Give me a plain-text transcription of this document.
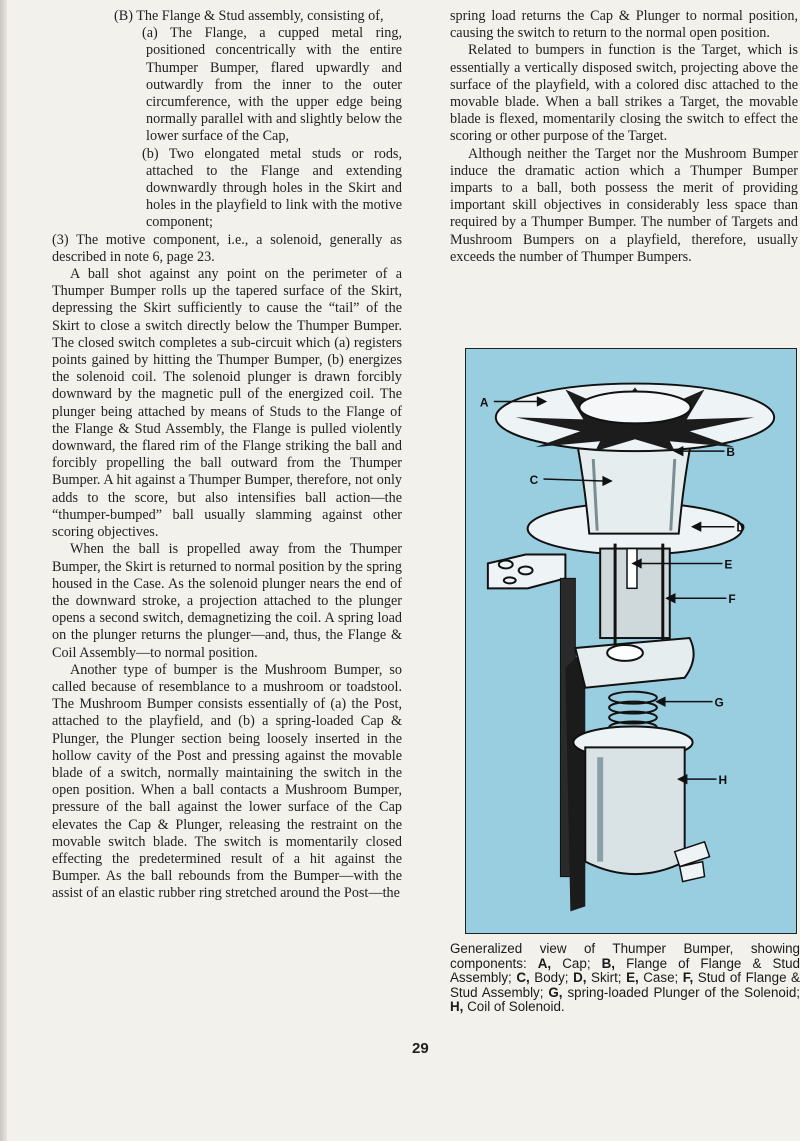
(B) The Flange & Stud assembly, consisting of,

(a) The Flange, a cupped metal ring, positioned concentrically with the entire Thumper Bumper, flared upwardly and outwardly from the inner to the outer circumference, with the upper edge being normally parallel with and slightly below the lower surface of the Cap,

(b) Two elongated metal studs or rods, attached to the Flange and extending downwardly through holes in the Skirt and holes in the playfield to link with the motive component;

(3) The motive component, i.e., a solenoid, generally as described in note 6, page 23.

A ball shot against any point on the perimeter of a Thumper Bumper rolls up the tapered surface of the Skirt, depressing the Skirt sufficiently to cause the “tail” of the Skirt to close a switch directly below the Thumper Bumper. The closed switch completes a sub-circuit which (a) registers points gained by hitting the Thumper Bumper, (b) energizes the solenoid coil. The solenoid plunger is drawn forcibly downward by the magnetic pull of the energized coil. The plunger being attached by means of Studs to the Flange of the Flange & Stud Assembly, the Flange is pulled violently downward, the flared rim of the Flange striking the ball and forcibly propelling the ball outward from the Thumper Bumper. A hit against a Thumper Bumper, therefore, not only adds to the score, but also intensifies ball action—the “thumper-bumped” ball usually slamming against other scoring objectives.

When the ball is propelled away from the Thumper Bumper, the Skirt is returned to normal position by the spring housed in the Case. As the solenoid plunger nears the end of the downward stroke, a projection attached to the plunger opens a second switch, demagnetizing the coil. A spring load on the plunger returns the plunger—and, thus, the Flange & Coil Assembly—to normal position.

Another type of bumper is the Mushroom Bumper, so called because of resemblance to a mushroom or toadstool. The Mushroom Bumper consists essentially of (a) the Post, attached to the playfield, and (b) a spring-loaded Cap & Plunger, the Plunger section being loosely inserted in the hollow cavity of the Post and pressing against the movable blade of a switch, normally maintaining the switch in the open position. When a ball contacts a Mushroom Bumper, pressure of the ball against the lower surface of the Cap elevates the Cap & Plunger, releasing the restraint on the movable switch blade. The switch is momentarily closed effecting the predetermined result of a hit against the Bumper. As the ball rebounds from the Bumper—with the assist of an elastic rubber ring stretched around the Post—the

spring load returns the Cap & Plunger to normal position, causing the switch to return to the normal open position.

Related to bumpers in function is the Target, which is essentially a vertically disposed switch, projecting above the surface of the playfield, with a colored disc attached to the movable blade. When a ball strikes a Target, the movable blade is flexed, momentarily closing the switch to effect the scoring or other purpose of the Target.

Although neither the Target nor the Mushroom Bumper induce the dramatic action which a Thumper Bumper imparts to a ball, both possess the merit of providing important skill objectives in considerably less space than required by a Thumper Bumper. The number of Targets and Mushroom Bumpers on a playfield, therefore, usually exceeds the number of Thumper Bumpers.

A
B
C
D
E
F
G
H
Generalized view of Thumper Bumper, showing components: A, Cap; B, Flange of Flange & Stud Assembly; C, Body; D, Skirt; E, Case; F, Stud of Flange & Stud Assembly; G, spring-loaded Plunger of the Solenoid; H, Coil of Solenoid.
29
